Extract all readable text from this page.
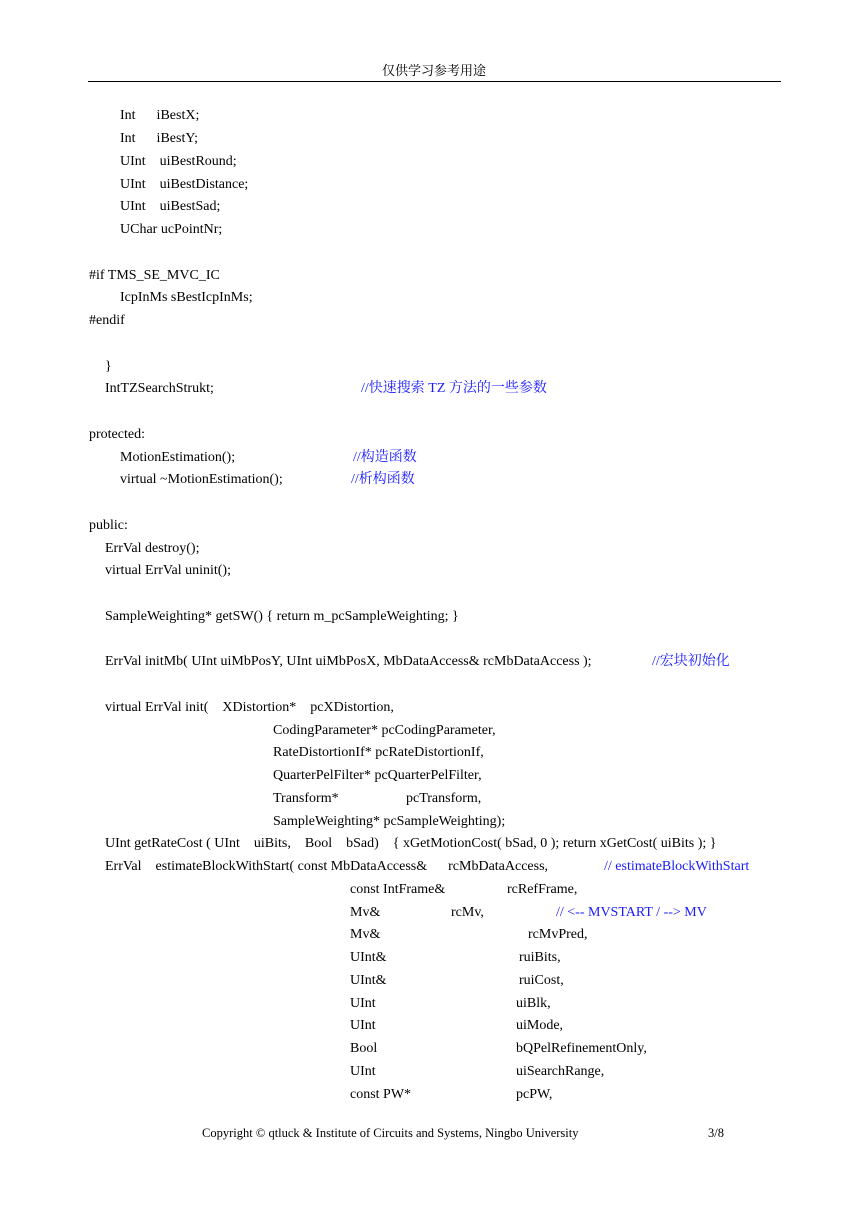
仅供学习参考用途
Int      iBestX;
Int      iBestY;
UInt    uiBestRound;
UInt    uiBestDistance;
UInt    uiBestSad;
UChar ucPointNr;
#if TMS_SE_MVC_IC
IcpInMs sBestIcpInMs;
#endif
}
IntTZSearchStrukt;	//快速搜索 TZ 方法的一些参数
protected:
MotionEstimation();	//构造函数
virtual ~MotionEstimation();	//析构函数
public:
ErrVal destroy();
virtual ErrVal uninit();
SampleWeighting* getSW() { return m_pcSampleWeighting; }
ErrVal initMb( UInt uiMbPosY, UInt uiMbPosX, MbDataAccess& rcMbDataAccess );	//宏块初始化
virtual ErrVal init(    XDistortion*    pcXDistortion,
CodingParameter* pcCodingParameter,
RateDistortionIf* pcRateDistortionIf,
QuarterPelFilter* pcQuarterPelFilter,
Transform*	pcTransform,
SampleWeighting* pcSampleWeighting);
UInt getRateCost ( UInt    uiBits,    Bool    bSad)    { xGetMotionCost( bSad, 0 ); return xGetCost( uiBits ); }
ErrVal    estimateBlockWithStart( const MbDataAccess&      rcMbDataAccess,	// estimateBlockWithStart
const IntFrame&	rcRefFrame,
Mv&	rcMv,	// <-- MVSTART / --> MV
Mv&	rcMvPred,
UInt&	ruiBits,
UInt&	ruiCost,
UInt	uiBlk,
UInt	uiMode,
Bool	bQPelRefinementOnly,
UInt	uiSearchRange,
const PW*	pcPW,
Copyright © qtluck & Institute of Circuits and Systems, Ningbo University	3/8
